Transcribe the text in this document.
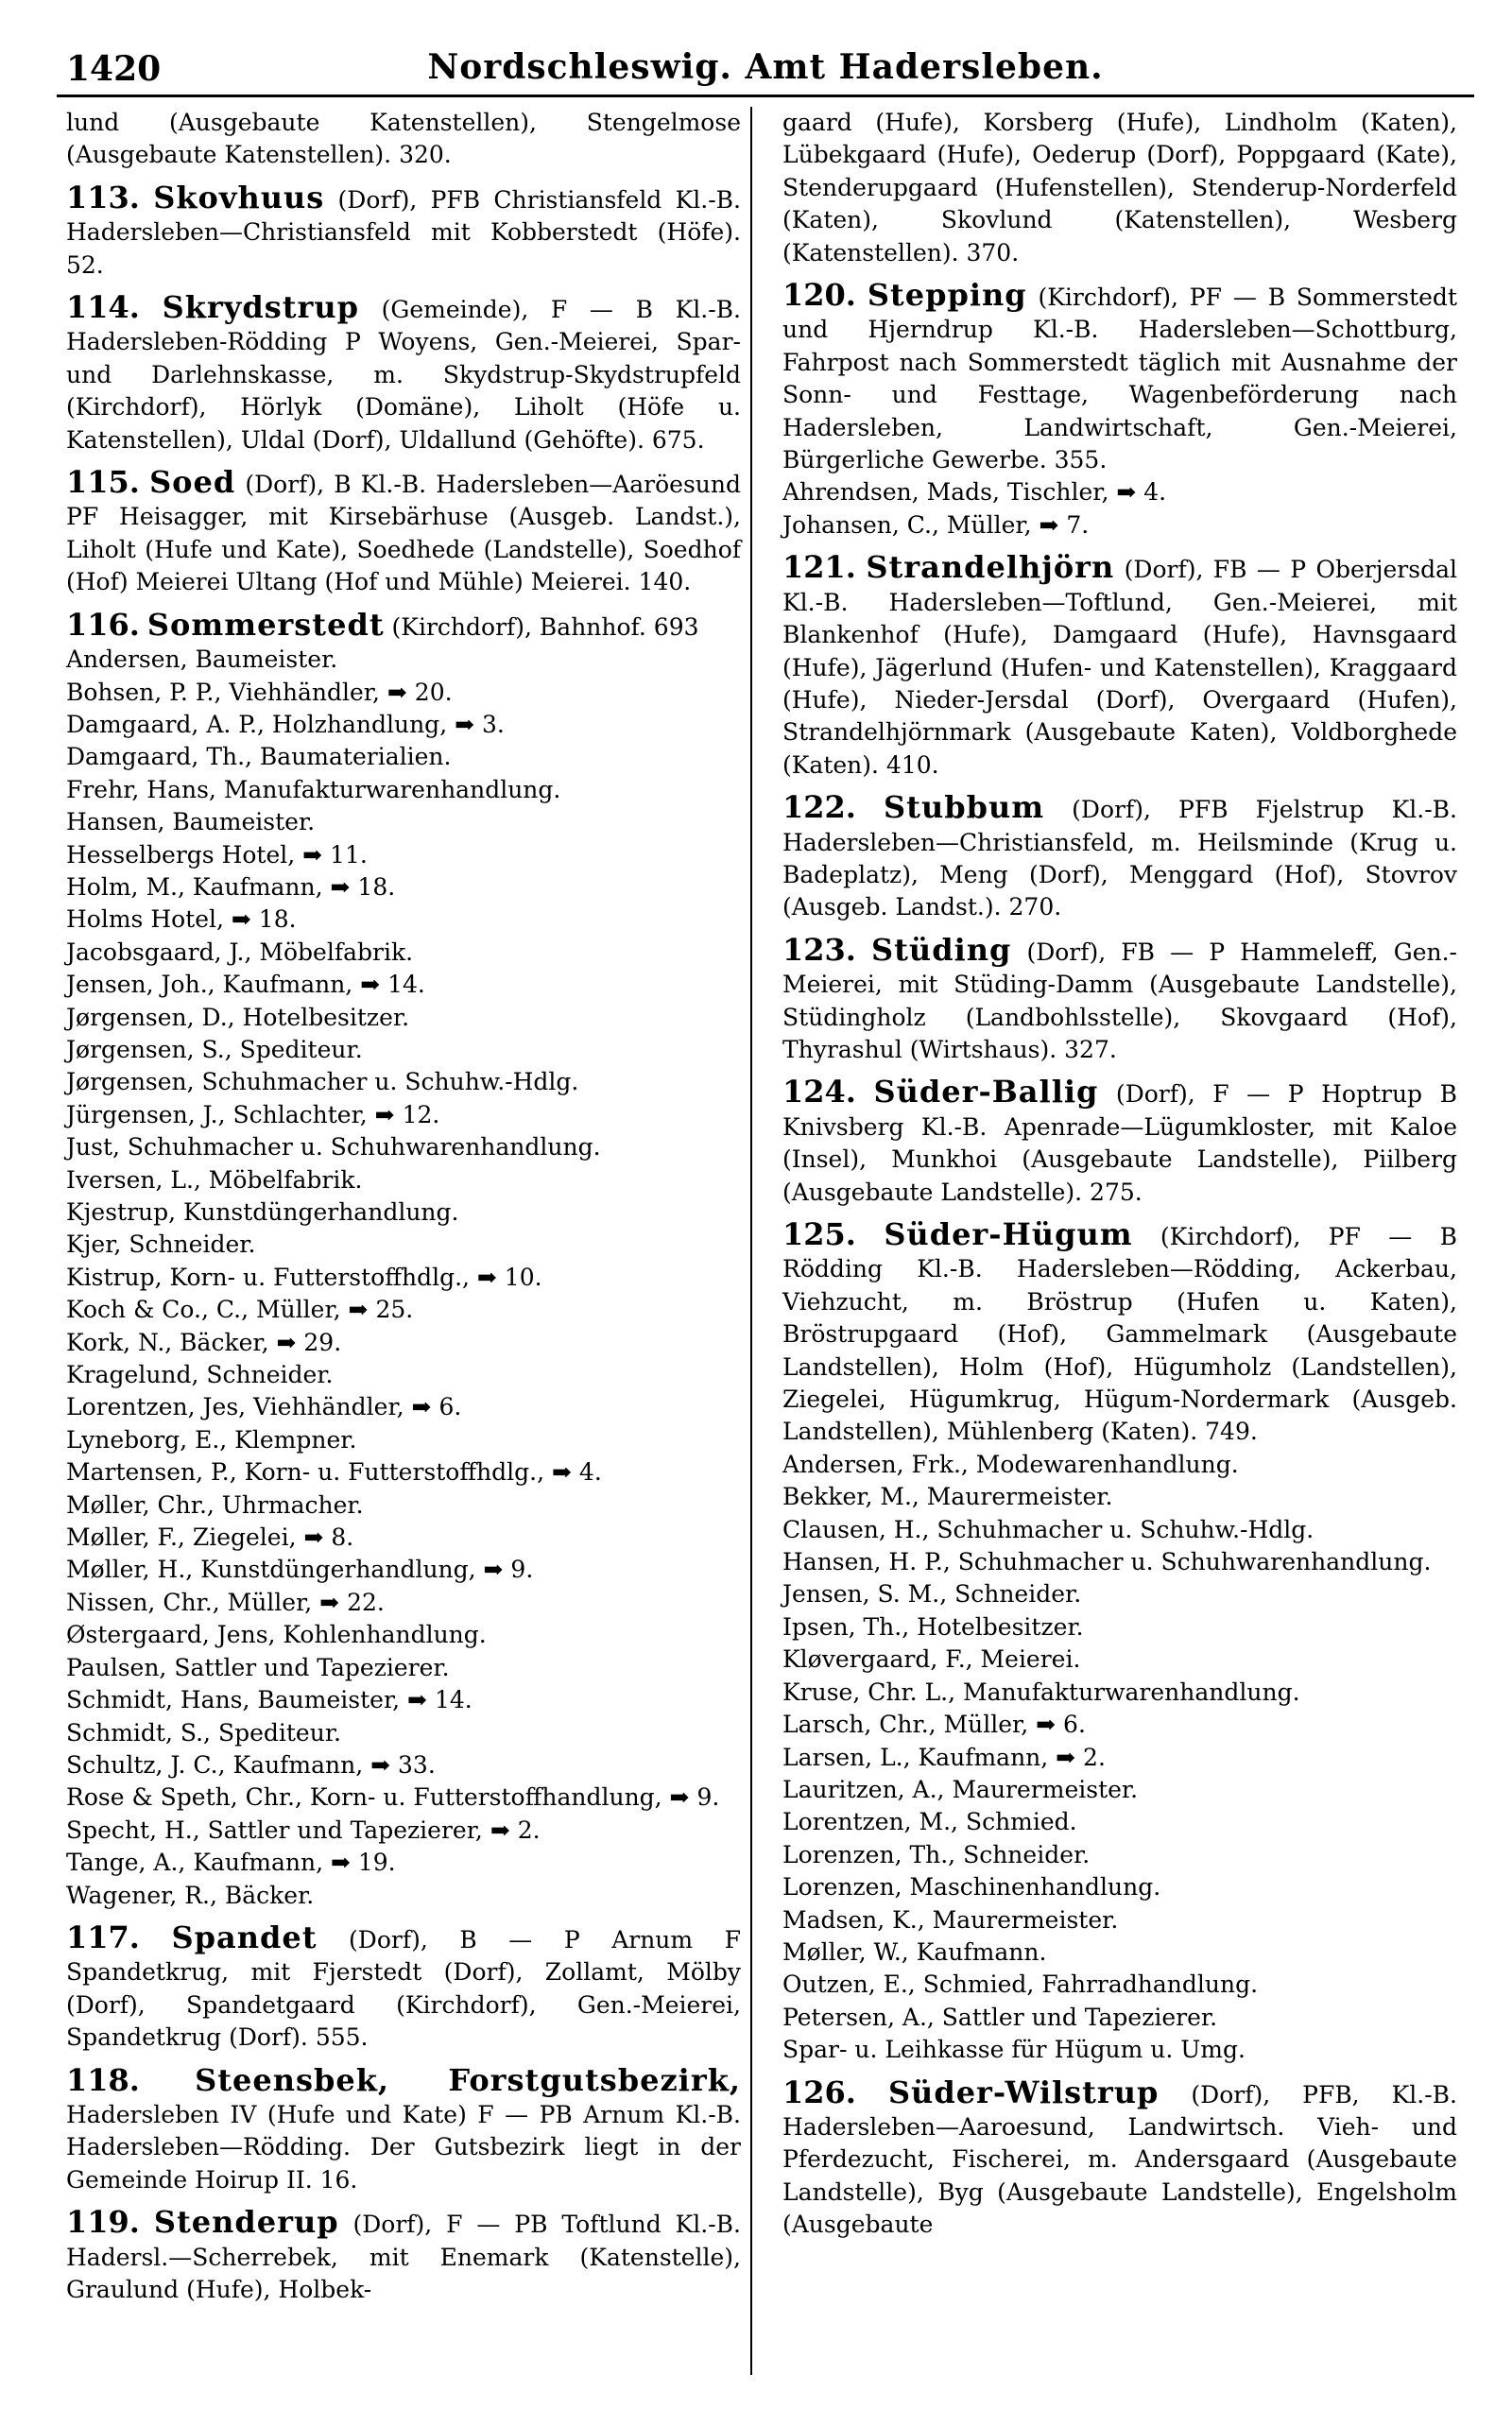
1420	Nordschleswig. Amt Hadersleben.

lund (Ausgebaute Katenstellen), Stengelmose (Ausgebaute Katenstellen). 320.

113. Skovhuus (Dorf), PFB Christiansfeld Kl.-B. Hadersleben—Christiansfeld mit Kobberstedt (Höfe). 52.

114. Skrydstrup (Gemeinde), F — B Kl.-B. Hadersleben-Rödding P Woyens, Gen.-Meierei, Spar- und Darlehnskasse, m. Skydstrup-Skydstrupfeld (Kirchdorf), Hörlyk (Domäne), Liholt (Höfe u. Katenstellen), Uldal (Dorf), Uldallund (Gehöfte). 675.

115. Soed (Dorf), B Kl.-B. Hadersleben—Aaröesund PF Heisagger, mit Kirsebärhuse (Ausgeb. Landst.), Liholt (Hufe und Kate), Soedhede (Landstelle), Soedhof (Hof) Meierei Ultang (Hof und Mühle) Meierei. 140.

116. Sommerstedt (Kirchdorf), Bahnhof. 693

Andersen, Baumeister.

Bohsen, P. P., Viehhändler, ➡ 20.

Damgaard, A. P., Holzhandlung, ➡ 3.

Damgaard, Th., Baumaterialien.

Frehr, Hans, Manufakturwarenhandlung.

Hansen, Baumeister.

Hesselbergs Hotel, ➡ 11.

Holm, M., Kaufmann, ➡ 18.

Holms Hotel, ➡ 18.

Jacobsgaard, J., Möbelfabrik.

Jensen, Joh., Kaufmann, ➡ 14.

Jørgensen, D., Hotelbesitzer.

Jørgensen, S., Spediteur.

Jørgensen, Schuhmacher u. Schuhw.-Hdlg.

Jürgensen, J., Schlachter, ➡ 12.

Just, Schuhmacher u. Schuhwarenhandlung.

Iversen, L., Möbelfabrik.

Kjestrup, Kunstdüngerhandlung.

Kjer, Schneider.

Kistrup, Korn- u. Futterstoffhdlg., ➡ 10.

Koch & Co., C., Müller, ➡ 25.

Kork, N., Bäcker, ➡ 29.

Kragelund, Schneider.

Lorentzen, Jes, Viehhändler, ➡ 6.

Lyneborg, E., Klempner.

Martensen, P., Korn- u. Futterstoffhdlg., ➡ 4.

Møller, Chr., Uhrmacher.

Møller, F., Ziegelei, ➡ 8.

Møller, H., Kunstdüngerhandlung, ➡ 9.

Nissen, Chr., Müller, ➡ 22.

Østergaard, Jens, Kohlenhandlung.

Paulsen, Sattler und Tapezierer.

Schmidt, Hans, Baumeister, ➡ 14.

Schmidt, S., Spediteur.

Schultz, J. C., Kaufmann, ➡ 33.

Rose & Speth, Chr., Korn- u. Futterstoffhandlung, ➡ 9.

Specht, H., Sattler und Tapezierer, ➡ 2.

Tange, A., Kaufmann, ➡ 19.

Wagener, R., Bäcker.

117. Spandet (Dorf), B — P Arnum F Spandetkrug, mit Fjerstedt (Dorf), Zollamt, Mölby (Dorf), Spandetgaard (Kirchdorf), Gen.-Meierei, Spandetkrug (Dorf). 555.

118. Steensbek, Forstgutsbezirk, Hadersleben IV (Hufe und Kate) F — PB Arnum Kl.-B. Hadersleben—Rödding. Der Gutsbezirk liegt in der Gemeinde Hoirup II. 16.

119. Stenderup (Dorf), F — PB Toftlund Kl.-B. Hadersl.—Scherrebek, mit Enemark (Katenstelle), Graulund (Hufe), Holbek-

gaard (Hufe), Korsberg (Hufe), Lindholm (Katen), Lübekgaard (Hufe), Oederup (Dorf), Poppgaard (Kate), Stenderupgaard (Hufenstellen), Stenderup-Norderfeld (Katen), Skovlund (Katenstellen), Wesberg (Katenstellen). 370.

120. Stepping (Kirchdorf), PF — B Sommerstedt und Hjerndrup Kl.-B. Hadersleben—Schottburg, Fahrpost nach Sommerstedt täglich mit Ausnahme der Sonn- und Festtage, Wagenbeförderung nach Hadersleben, Landwirtschaft, Gen.-Meierei, Bürgerliche Gewerbe. 355.

Ahrendsen, Mads, Tischler, ➡ 4.

Johansen, C., Müller, ➡ 7.

121. Strandelhjörn (Dorf), FB — P Oberjersdal Kl.-B. Hadersleben—Toftlund, Gen.-Meierei, mit Blankenhof (Hufe), Damgaard (Hufe), Havnsgaard (Hufe), Jägerlund (Hufen- und Katenstellen), Kraggaard (Hufe), Nieder-Jersdal (Dorf), Overgaard (Hufen), Strandelhjörnmark (Ausgebaute Katen), Voldborghede (Katen). 410.

122. Stubbum (Dorf), PFB Fjelstrup Kl.-B. Hadersleben—Christiansfeld, m. Heilsminde (Krug u. Badeplatz), Meng (Dorf), Menggard (Hof), Stovrov (Ausgeb. Landst.). 270.

123. Stüding (Dorf), FB — P Hammeleff, Gen.-Meierei, mit Stüding-Damm (Ausgebaute Landstelle), Stüdingholz (Landbohlsstelle), Skovgaard (Hof), Thyrashul (Wirtshaus). 327.

124. Süder-Ballig (Dorf), F — P Hoptrup B Knivsberg Kl.-B. Apenrade—Lügumkloster, mit Kaloe (Insel), Munkhoi (Ausgebaute Landstelle), Piilberg (Ausgebaute Landstelle). 275.

125. Süder-Hügum (Kirchdorf), PF — B Rödding Kl.-B. Hadersleben—Rödding, Ackerbau, Viehzucht, m. Bröstrup (Hufen u. Katen), Bröstrupgaard (Hof), Gammelmark (Ausgebaute Landstellen), Holm (Hof), Hügumholz (Landstellen), Ziegelei, Hügumkrug, Hügum-Nordermark (Ausgeb. Landstellen), Mühlenberg (Katen). 749.

Andersen, Frk., Modewarenhandlung.

Bekker, M., Maurermeister.

Clausen, H., Schuhmacher u. Schuhw.-Hdlg.

Hansen, H. P., Schuhmacher u. Schuhwarenhandlung.

Jensen, S. M., Schneider.

Ipsen, Th., Hotelbesitzer.

Kløvergaard, F., Meierei.

Kruse, Chr. L., Manufakturwarenhandlung.

Larsch, Chr., Müller, ➡ 6.

Larsen, L., Kaufmann, ➡ 2.

Lauritzen, A., Maurermeister.

Lorentzen, M., Schmied.

Lorenzen, Th., Schneider.

Lorenzen, Maschinenhandlung.

Madsen, K., Maurermeister.

Møller, W., Kaufmann.

Outzen, E., Schmied, Fahrradhandlung.

Petersen, A., Sattler und Tapezierer.

Spar- u. Leihkasse für Hügum u. Umg.

126. Süder-Wilstrup (Dorf), PFB, Kl.-B. Hadersleben—Aaroesund, Landwirtsch. Vieh- und Pferdezucht, Fischerei, m. Andersgaard (Ausgebaute Landstelle), Byg (Ausgebaute Landstelle), Engelsholm (Ausgebaute
